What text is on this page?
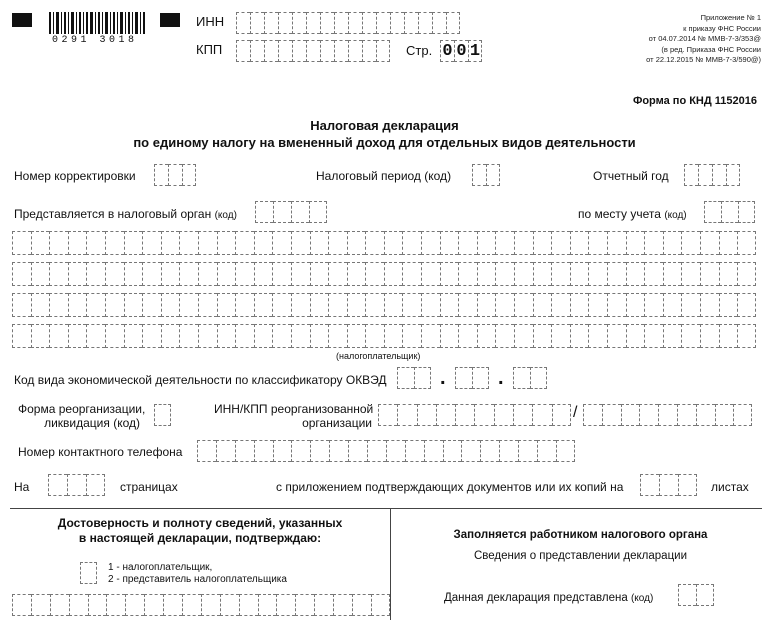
0291 3018
ИНН
КПП	Стр. 0 0 1
Приложение № 1
к приказу ФНС России
от 04.07.2014 № ММВ-7-3/353@
(в ред. Приказа ФНС России
от 22.12.2015 № ММВ-7-3/590@)
Форма по КНД 1152016
Налоговая декларация
по единому налогу на вмененный доход для отдельных видов деятельности
Номер корректировки	Налоговый период (код)	Отчетный год
Представляется в налоговый орган (код)	по месту учета (код)
(налогоплательщик)
Код вида экономической деятельности по классификатору ОКВЭД	.	.
Форма реорганизации,
ликвидация (код)
ИНН/КПП реорганизованной
организации
/
Номер контактного телефона
На	страницах	с приложением подтверждающих документов или их копий на	листах
Достоверность и полноту сведений, указанных
в настоящей декларации, подтверждаю:
1 - налогоплательщик,
2 - представитель налогоплательщика
Заполняется работником налогового органа
Сведения о представлении декларации
Данная декларация представлена (код)
